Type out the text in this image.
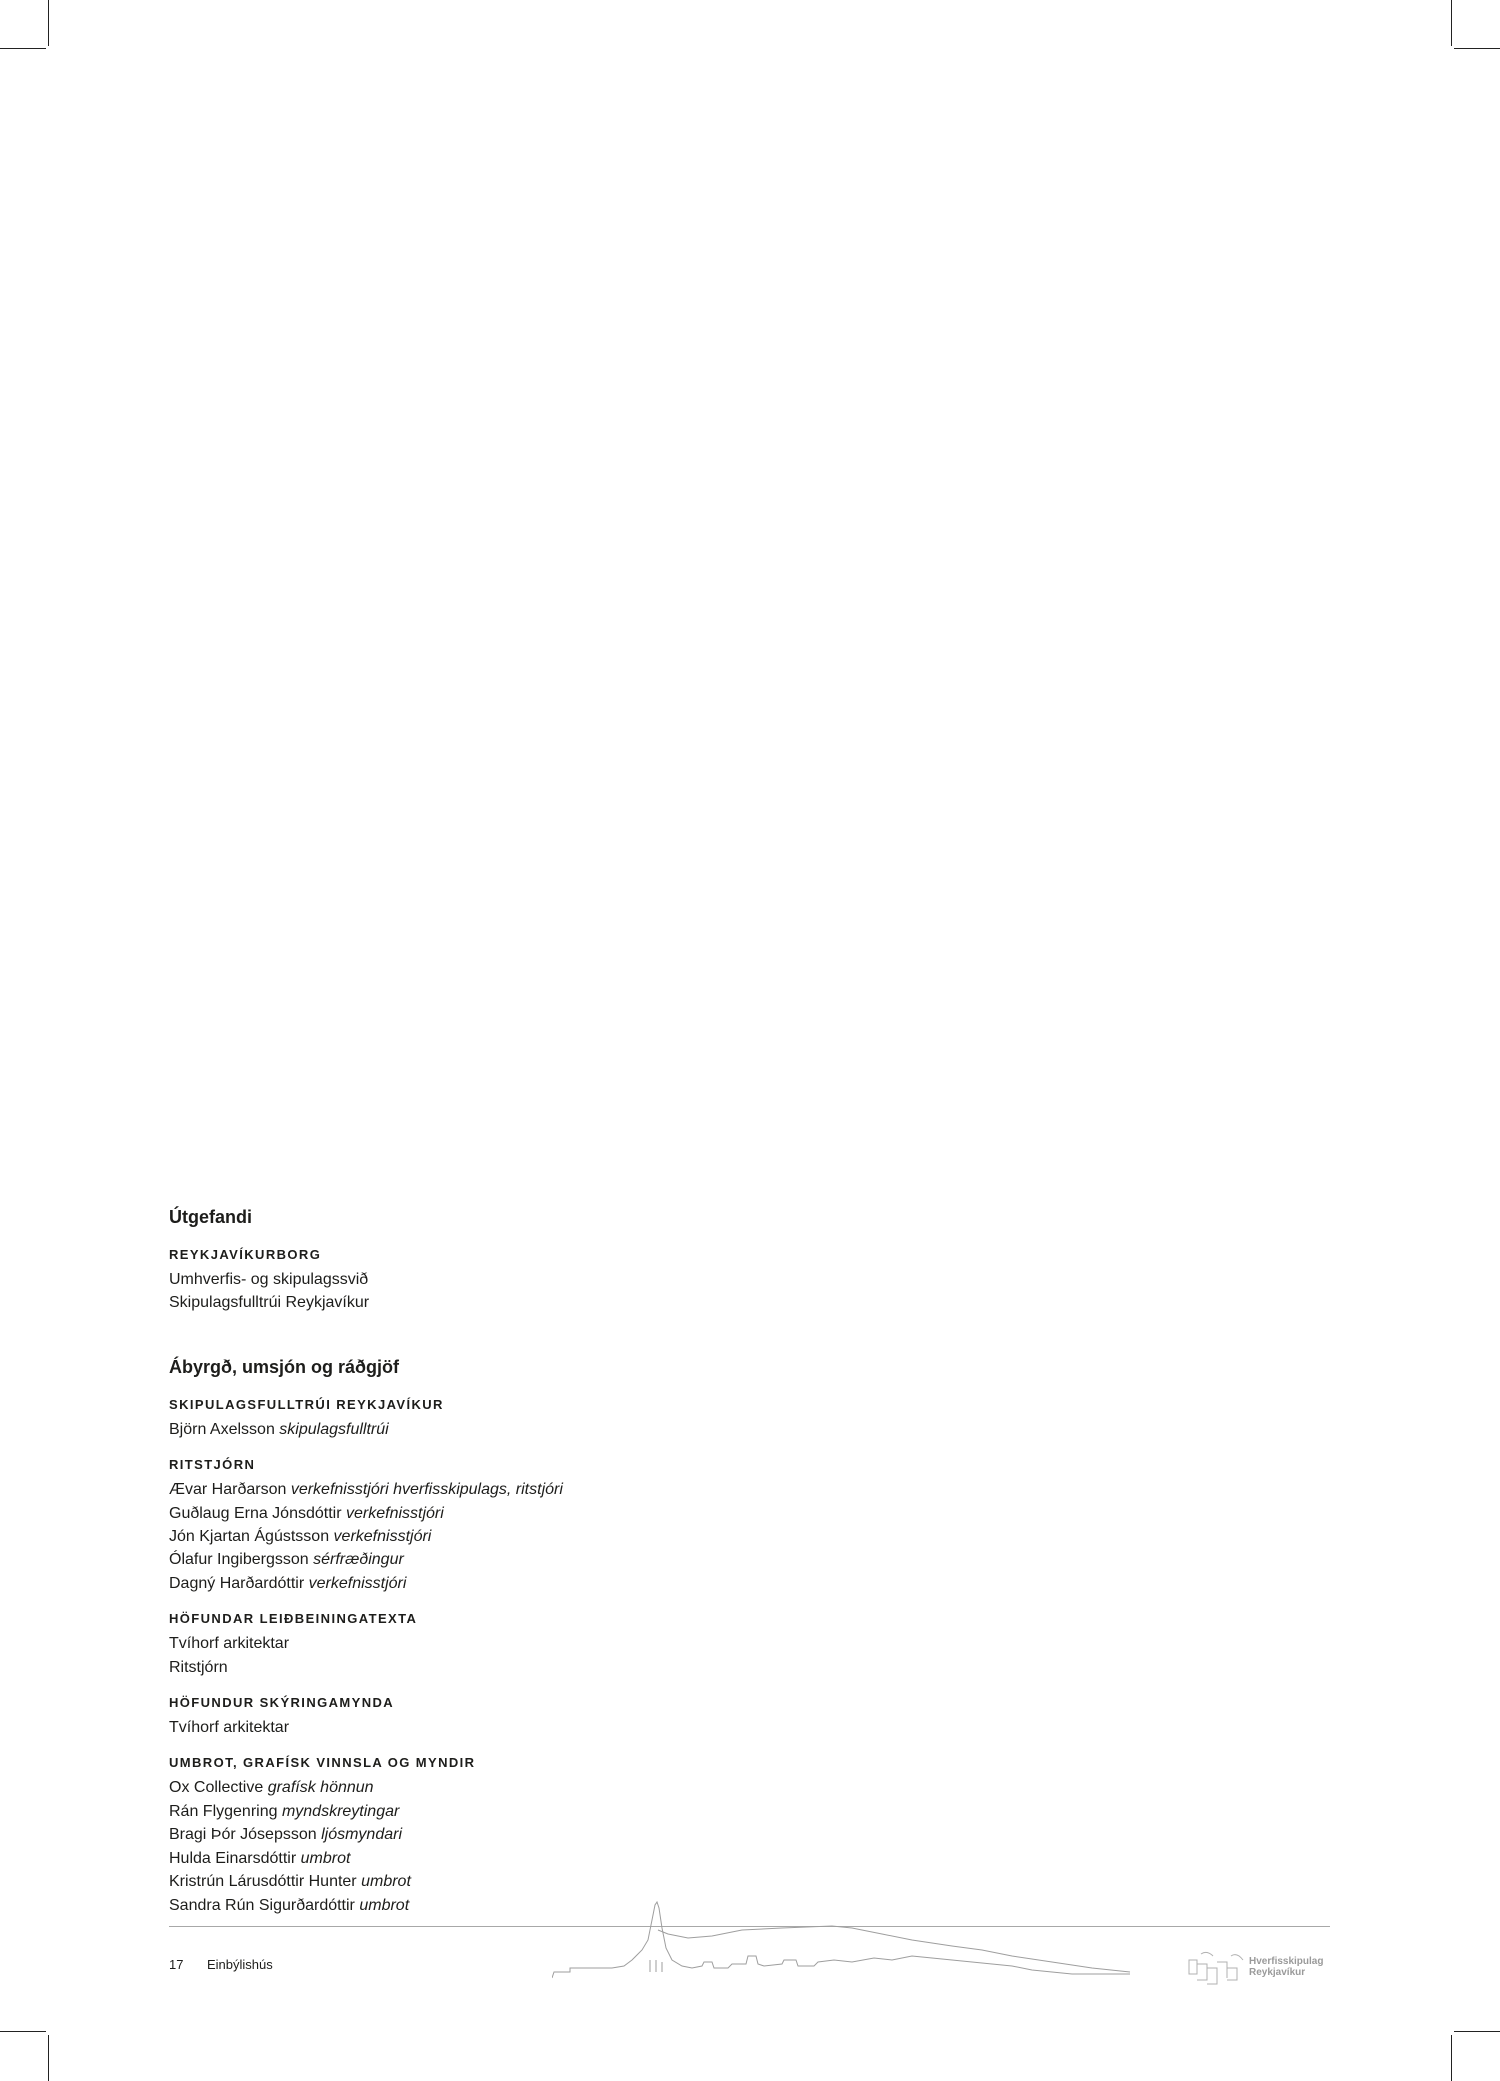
Útgefandi
REYKJAVÍKURBORG
Umhverfis- og skipulagssvið
Skipulagsfulltrúi Reykjavíkur
Ábyrgð, umsjón og ráðgjöf
SKIPULAGSFULLTRÚI REYKJAVÍKUR
Björn Axelsson skipulagsfulltrúi
RITSTJÓRN
Ævar Harðarson verkefnisstjóri hverfisskipulags, ritstjóri
Guðlaug Erna Jónsdóttir verkefnisstjóri
Jón Kjartan Ágústsson verkefnisstjóri
Ólafur Ingibergsson sérfræðingur
Dagný Harðardóttir verkefnisstjóri
HÖFUNDAR LEIÐBEININGATEXTA
Tvíhorf arkitektar
Ritstjórn
HÖFUNDUR SKÝRINGAMYNDA
Tvíhorf arkitektar
UMBROT, GRAFÍSK VINNSLA OG MYNDIR
Ox Collective grafísk hönnun
Rán Flygenring myndskreytingar
Bragi Þór Jósepsson ljósmyndari
Hulda Einarsdóttir umbrot
Kristrún Lárusdóttir Hunter umbrot
Sandra Rún Sigurðardóttir umbrot
17 Einbýlishús	Hverfisskipulag
Reykjavíkur
